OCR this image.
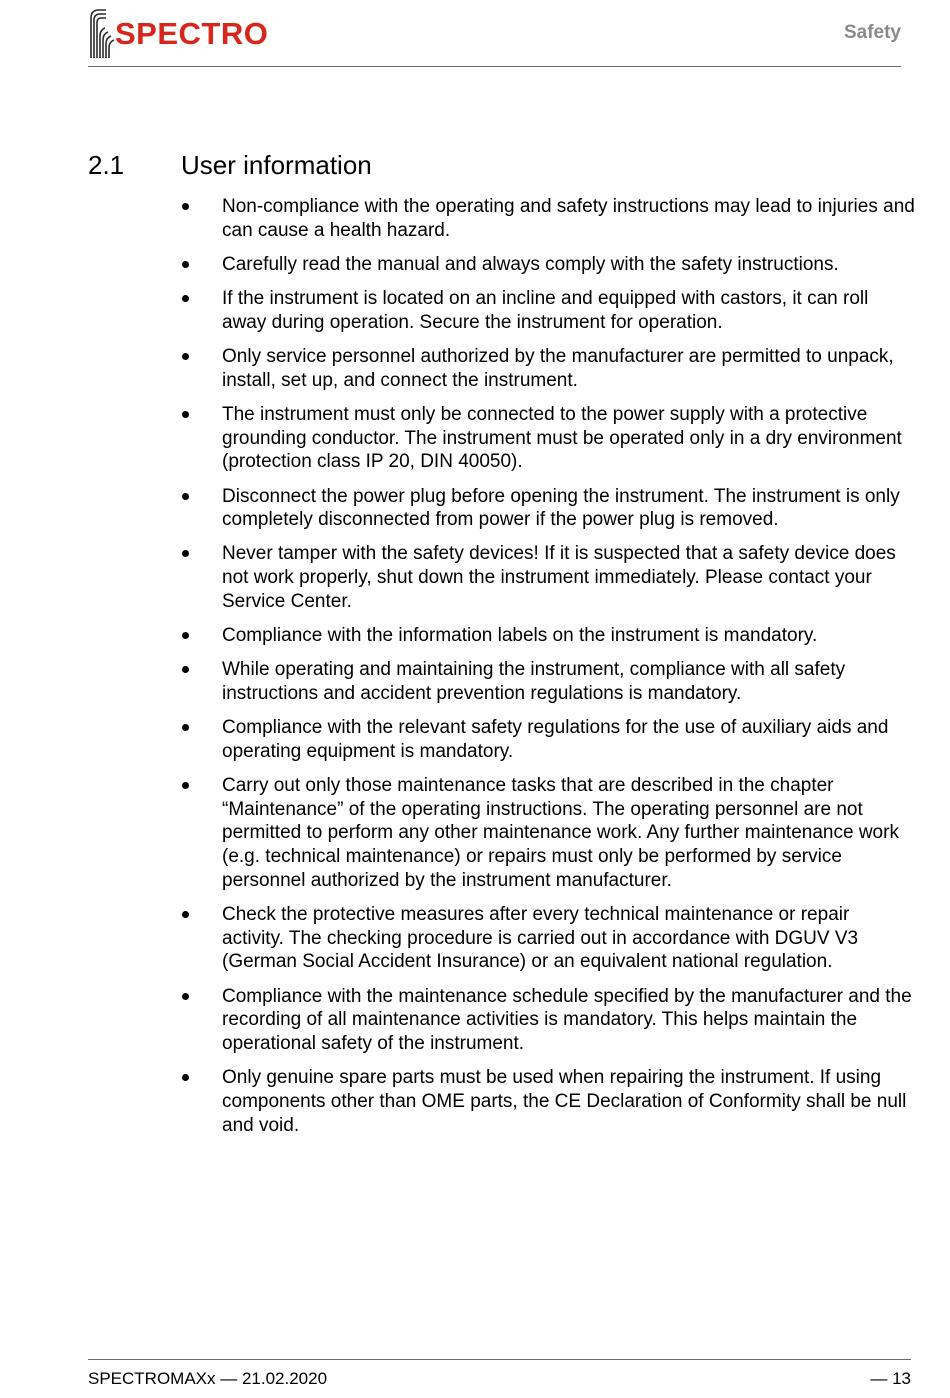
SPECTRO	Safety
2.1 User information
Non-compliance with the operating and safety instructions may lead to injuries and can cause a health hazard.
Carefully read the manual and always comply with the safety instructions.
If the instrument is located on an incline and equipped with castors, it can roll away during operation. Secure the instrument for operation.
Only service personnel authorized by the manufacturer are permitted to unpack, install, set up, and connect the instrument.
The instrument must only be connected to the power supply with a protective grounding conductor. The instrument must be operated only in a dry environment (protection class IP 20, DIN 40050).
Disconnect the power plug before opening the instrument. The instrument is only completely disconnected from power if the power plug is removed.
Never tamper with the safety devices! If it is suspected that a safety device does not work properly, shut down the instrument immediately. Please contact your Service Center.
Compliance with the information labels on the instrument is mandatory.
While operating and maintaining the instrument, compliance with all safety instructions and accident prevention regulations is mandatory.
Compliance with the relevant safety regulations for the use of auxiliary aids and operating equipment is mandatory.
Carry out only those maintenance tasks that are described in the chapter “Maintenance” of the operating instructions. The operating personnel are not permitted to perform any other maintenance work. Any further maintenance work (e.g. technical maintenance) or repairs must only be performed by service personnel authorized by the instrument manufacturer.
Check the protective measures after every technical maintenance or repair activity. The checking procedure is carried out in accordance with DGUV V3 (German Social Accident Insurance) or an equivalent national regulation.
Compliance with the maintenance schedule specified by the manufacturer and the recording of all maintenance activities is mandatory. This helps maintain the operational safety of the instrument.
Only genuine spare parts must be used when repairing the instrument. If using components other than OME parts, the CE Declaration of Conformity shall be null and void.
SPECTROMAXx — 21.02.2020	— 13
